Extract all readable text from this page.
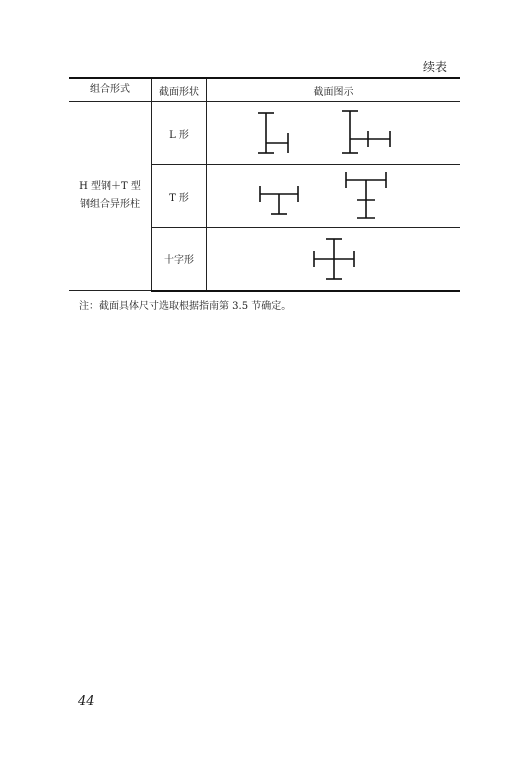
续表
组合形式	截面形状	截面图示

H 型钢＋T 型
钢组合异形柱	L 形	

	T 形	

	十字形	
注：截面具体尺寸选取根据指南第 3.5 节确定。
44
